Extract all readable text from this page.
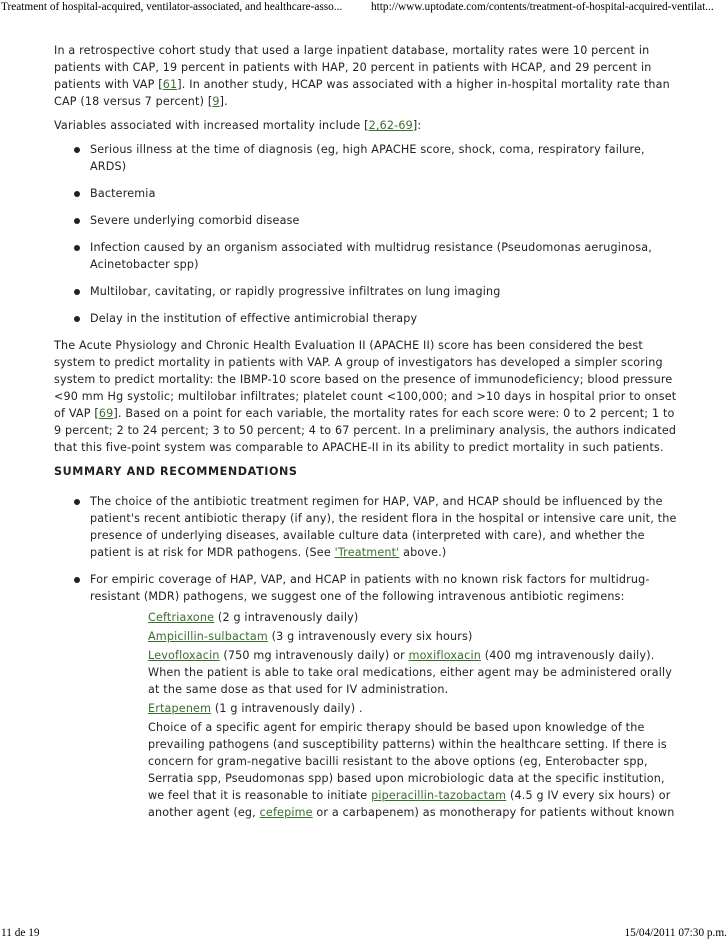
Treatment of hospital-acquired, ventilator-associated, and healthcare-asso...	http://www.uptodate.com/contents/treatment-of-hospital-acquired-ventilat...

In a retrospective cohort study that used a large inpatient database, mortality rates were 10 percent in patients with CAP, 19 percent in patients with HAP, 20 percent in patients with HCAP, and 29 percent in patients with VAP [61]. In another study, HCAP was associated with a higher in-hospital mortality rate than CAP (18 versus 7 percent) [9].

Variables associated with increased mortality include [2,62-69]:

Serious illness at the time of diagnosis (eg, high APACHE score, shock, coma, respiratory failure, ARDS)
Bacteremia
Severe underlying comorbid disease
Infection caused by an organism associated with multidrug resistance (Pseudomonas aeruginosa, Acinetobacter spp)
Multilobar, cavitating, or rapidly progressive infiltrates on lung imaging
Delay in the institution of effective antimicrobial therapy

The Acute Physiology and Chronic Health Evaluation II (APACHE II) score has been considered the best system to predict mortality in patients with VAP. A group of investigators has developed a simpler scoring system to predict mortality: the IBMP-10 score based on the presence of immunodeficiency; blood pressure <90 mm Hg systolic; multilobar infiltrates; platelet count <100,000; and >10 days in hospital prior to onset of VAP [69]. Based on a point for each variable, the mortality rates for each score were: 0 to 2 percent; 1 to 9 percent; 2 to 24 percent; 3 to 50 percent; 4 to 67 percent. In a preliminary analysis, the authors indicated that this five-point system was comparable to APACHE-II in its ability to predict mortality in such patients.

SUMMARY AND RECOMMENDATIONS
The choice of the antibiotic treatment regimen for HAP, VAP, and HCAP should be influenced by the patient's recent antibiotic therapy (if any), the resident flora in the hospital or intensive care unit, the presence of underlying diseases, available culture data (interpreted with care), and whether the patient is at risk for MDR pathogens. (See 'Treatment' above.)
For empiric coverage of HAP, VAP, and HCAP in patients with no known risk factors for multidrug-resistant (MDR) pathogens, we suggest one of the following intravenous antibiotic regimens:
Ceftriaxone (2 g intravenously daily)
Ampicillin-sulbactam (3 g intravenously every six hours)
Levofloxacin (750 mg intravenously daily) or moxifloxacin (400 mg intravenously daily). When the patient is able to take oral medications, either agent may be administered orally at the same dose as that used for IV administration.
Ertapenem (1 g intravenously daily) .
Choice of a specific agent for empiric therapy should be based upon knowledge of the prevailing pathogens (and susceptibility patterns) within the healthcare setting. If there is concern for gram-negative bacilli resistant to the above options (eg, Enterobacter spp, Serratia spp, Pseudomonas spp) based upon microbiologic data at the specific institution, we feel that it is reasonable to initiate piperacillin-tazobactam (4.5 g IV every six hours) or another agent (eg, cefepime or a carbapenem) as monotherapy for patients without known
11 de 19	15/04/2011 07:30 p.m.
